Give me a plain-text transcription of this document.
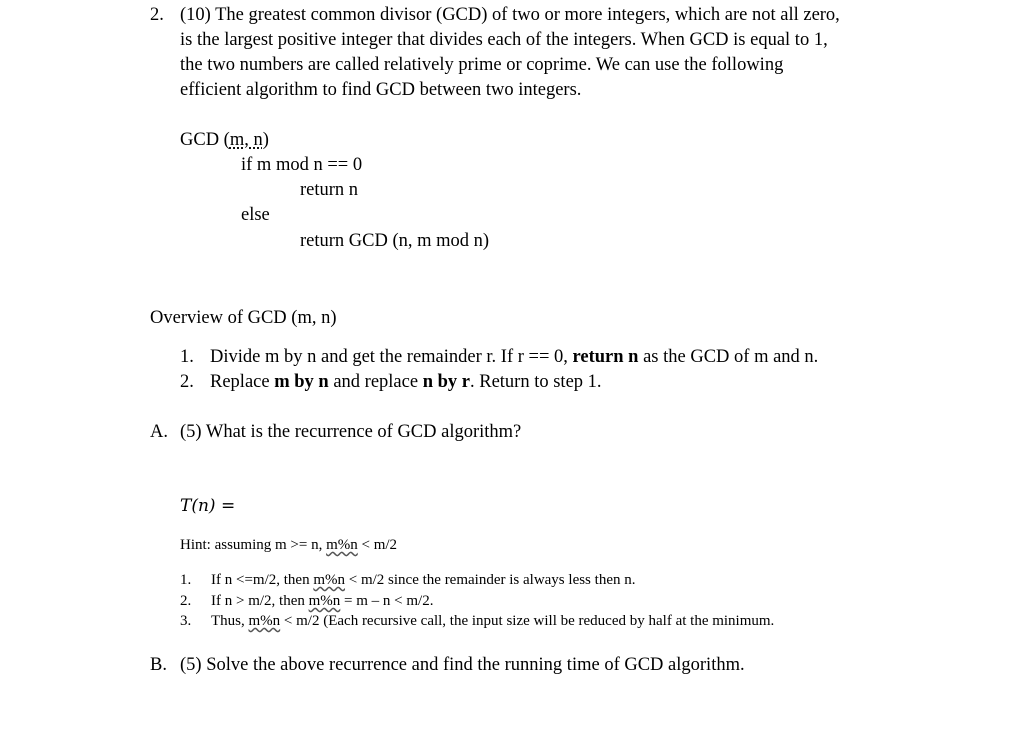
2. (10) The greatest common divisor (GCD) of two or more integers, which are not all zero,
is the largest positive integer that divides each of the integers. When GCD is equal to 1,
the two numbers are called relatively prime or coprime. We can use the following
efficient algorithm to find GCD between two integers.
GCD (m, n)
if m mod n == 0
return n
else
return GCD (n, m mod n)
Overview of GCD (m, n)
1. Divide m by n and get the remainder r. If r == 0, return n as the GCD of m and n.
2. Replace m by n and replace n by r. Return to step 1.
A. (5) What is the recurrence of GCD algorithm?
T(n) =
Hint: assuming m >= n, m%n < m/2
1. If n <=m/2, then m%n < m/2 since the remainder is always less then n.
2. If n > m/2, then m%n = m – n < m/2.
3. Thus, m%n < m/2 (Each recursive call, the input size will be reduced by half at the minimum.
B. (5) Solve the above recurrence and find the running time of GCD algorithm.
